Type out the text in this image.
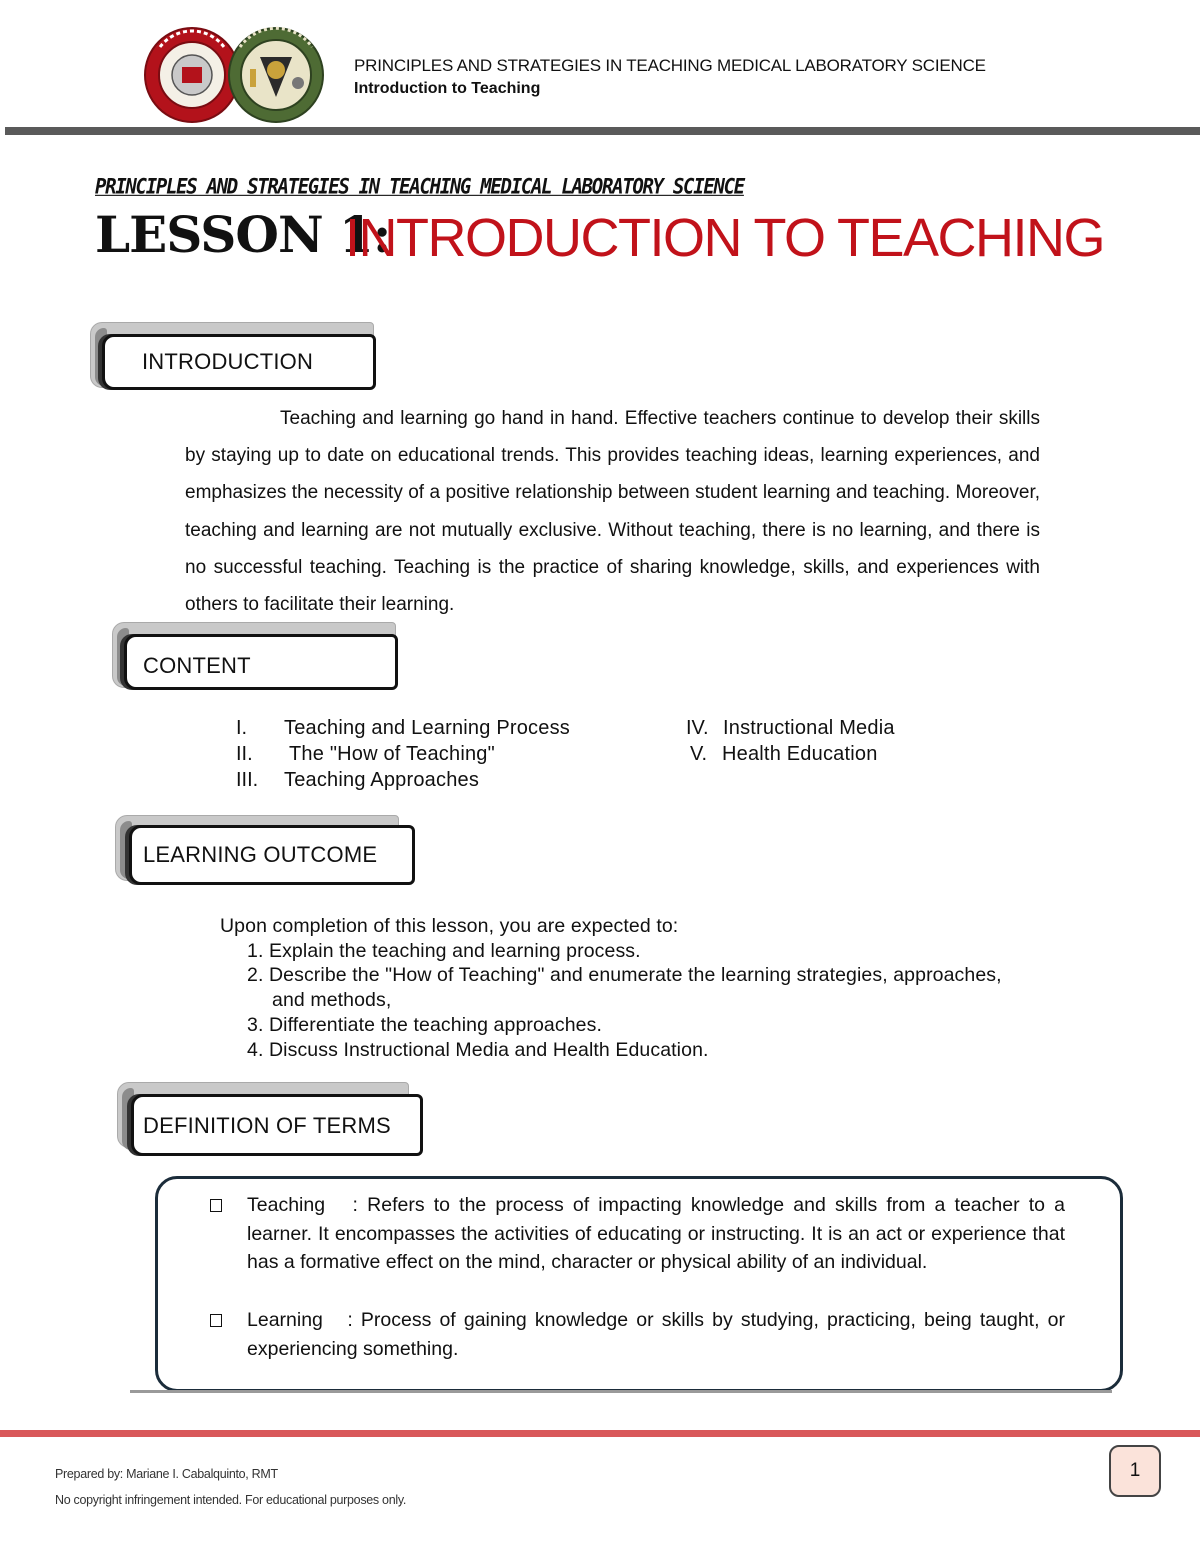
PRINCIPLES AND STRATEGIES IN TEACHING MEDICAL LABORATORY SCIENCE
Introduction to Teaching
PRINCIPLES AND STRATEGIES IN TEACHING MEDICAL LABORATORY SCIENCE
LESSON 1:
INTRODUCTION TO TEACHING
INTRODUCTION
Teaching and learning go hand in hand. Effective teachers continue to develop their skills by staying up to date on educational trends. This provides teaching ideas, learning experiences, and emphasizes the necessity of a positive relationship between student learning and teaching. Moreover, teaching and learning are not mutually exclusive. Without teaching, there is no learning, and there is no successful teaching. Teaching is the practice of sharing knowledge, skills, and experiences with others to facilitate their learning.
CONTENT
I. Teaching and Learning Process
II. The "How of Teaching"
III. Teaching Approaches
IV. Instructional Media
V. Health Education
LEARNING OUTCOME
Upon completion of this lesson, you are expected to:
1. Explain the teaching and learning process.
2. Describe the "How of Teaching" and enumerate the learning strategies, approaches,
and methods,
3. Differentiate the teaching approaches.
4. Discuss Instructional Media and Health Education.
DEFINITION OF TERMS
Teaching : Refers to the process of impacting knowledge and skills from a teacher to a learner. It encompasses the activities of educating or instructing. It is an act or experience that has a formative effect on the mind, character or physical ability of an individual.
Learning : Process of gaining knowledge or skills by studying, practicing, being taught, or experiencing something.
Prepared by: Mariane I. Cabalquinto, RMT
No copyright infringement intended. For educational purposes only.
1
